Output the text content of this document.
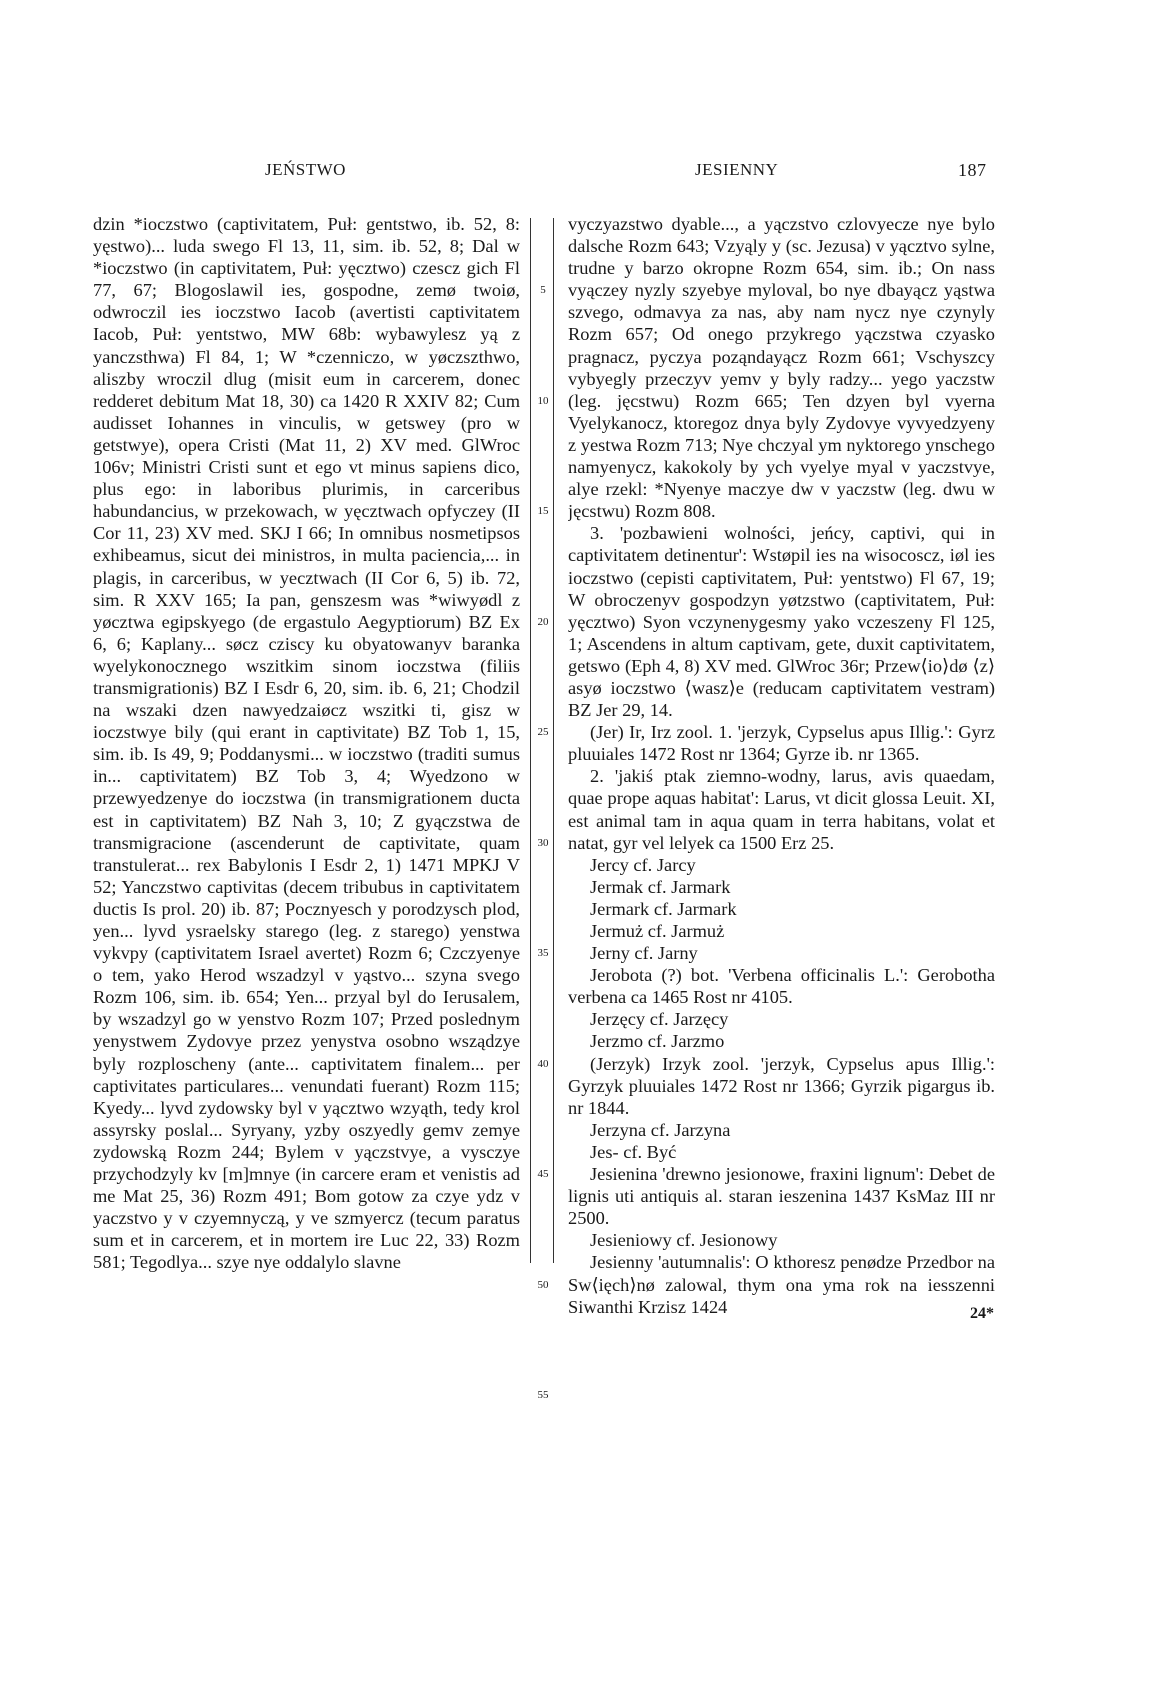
JEŃSTWO	JESIENNY	187

dzin *ioczstwo (captivitatem, Puł: gentstwo, ib. 52, 8: yęstwo)... luda swego Fl 13, 11, sim. ib. 52, 8; Dal w *ioczstwo (in captivitatem, Puł: yęcztwo) czescz gich Fl 77, 67; Blogoslawil ies, gospodne, zemø twoiø, odwroczil ies ioczstwo Iacob (avertisti captivitatem Iacob, Puł: yentstwo, MW 68b: wybawylesz yą z yanczsthwa) Fl 84, 1; W *czenniczo, w yøczszthwo, aliszby wroczil dlug (misit eum in carcerem, donec redderet debitum Mat 18, 30) ca 1420 R XXIV 82; Cum audisset Iohannes in vinculis, w getswey (pro w getstwye), opera Cristi (Mat 11, 2) XV med. GlWroc 106v; Ministri Cristi sunt et ego vt minus sapiens dico, plus ego: in laboribus plurimis, in carceribus habundancius, w przekowach, w yęcztwach opfyczey (II Cor 11, 23) XV med. SKJ I 66; In omnibus nosmetipsos exhibeamus, sicut dei ministros, in multa paciencia,... in plagis, in carceribus, w yecztwach (II Cor 6, 5) ib. 72, sim. R XXV 165; Ia pan, genszesm was *wiwyødl z yøcztwa egipskyego (de ergastulo Aegyptiorum) BZ Ex 6, 6; Kaplany... søcz cziscy ku obyatowanyv baranka wyelykonocznego wszitkim sinom ioczstwa (filiis transmigrationis) BZ I Esdr 6, 20, sim. ib. 6, 21; Chodzil na wszaki dzen nawyedzaiøcz wszitki ti, gisz w ioczstwye bily (qui erant in captivitate) BZ Tob 1, 15, sim. ib. Is 49, 9; Poddanysmi... w ioczstwo (traditi sumus in... captivitatem) BZ Tob 3, 4; Wyedzono w przewyedzenye do ioczstwa (in transmigrationem ducta est in captivitatem) BZ Nah 3, 10; Z gyączstwa de transmigracione (ascenderunt de captivitate, quam transtulerat... rex Babylonis I Esdr 2, 1) 1471 MPKJ V 52; Yanczstwo captivitas (decem tribubus in captivitatem ductis Is prol. 20) ib. 87; Pocznyesch y porodzysch plod, yen... lyvd ysraelsky starego (leg. z starego) yenstwa vykvpy (captivitatem Israel avertet) Rozm 6; Czczyenye o tem, yako Herod wszadzyl v yąstvo... szyna svego Rozm 106, sim. ib. 654; Yen... przyal byl do Ierusalem, by wszadzyl go w yenstvo Rozm 107; Przed poslednym yenystwem Zydovye przez yenystva osobno wsządzye byly rozploscheny (ante... captivitatem finalem... per captivitates particulares... venundati fuerant) Rozm 115; Kyedy... lyvd zydowsky byl v yącztwo wzyąth, tedy krol assyrsky poslal... Syryany, yzby oszyedly gemv zemye zydowską Rozm 244; Bylem v yączstvye, a vysczye przychodzyly kv [m]mnye (in carcere eram et venistis ad me Mat 25, 36) Rozm 491; Bom gotow za czye ydz v yaczstvo y v czyemnyczą, y ve szmyercz (tecum paratus sum et in carcerem, et in mortem ire Luc 22, 33) Rozm 581; Tegodlya... szye nye oddalylo slavne

5
10
15
20
25
30
35
40
45
50
55

vyczyazstwo dyable..., a yączstvo czlovyecze nye bylo dalsche Rozm 643; Vzyąly y (sc. Jezusa) v yącztvo sylne, trudne y barzo okropne Rozm 654, sim. ib.; On nass vyączey nyzly szyebye myloval, bo nye dbayącz yąstwa szvego, odmavya za nas, aby nam nycz nye czynyly Rozm 657; Od onego przykrego yączstwa czyasko pragnacz, pyczya poząndayącz Rozm 661; Vschyszcy vybyegly przeczyv yemv y byly radzy... yego yaczstw (leg. jęcstwu) Rozm 665; Ten dzyen byl vyerna Vyelykanocz, ktoregoz dnya byly Zydovye vyvyedzyeny z yestwa Rozm 713; Nye chczyal ym nyktorego ynschego namyenycz, kakokoly by ych vyelye myal v yaczstvye, alye rzekl: *Nyenye maczye dw v yaczstw (leg. dwu w jęcstwu) Rozm 808.

3. 'pozbawieni wolności, jeńcy, captivi, qui in captivitatem detinentur': Wstøpil ies na wisocoscz, iøl ies ioczstwo (cepisti captivitatem, Puł: yentstwo) Fl 67, 19; W obroczenyv gospodzyn yøtzstwo (captivitatem, Puł: yęcztwo) Syon vczynenygesmy yako vczeszeny Fl 125, 1; Ascendens in altum captivam, gete, duxit captivitatem, getswo (Eph 4, 8) XV med. GlWroc 36r; Przew⟨io⟩dø ⟨z⟩asyø ioczstwo ⟨wasz⟩e (reducam captivitatem vestram) BZ Jer 29, 14.

(Jer) Ir, Irz zool. 1. 'jerzyk, Cypselus apus Illig.': Gyrz pluuiales 1472 Rost nr 1364; Gyrze ib. nr 1365.

2. 'jakiś ptak ziemno-wodny, larus, avis quaedam, quae prope aquas habitat': Larus, vt dicit glossa Leuit. XI, est animal tam in aqua quam in terra habitans, volat et natat, gyr vel lelyek ca 1500 Erz 25.

Jercy cf. Jarcy

Jermak cf. Jarmark

Jermark cf. Jarmark

Jermuż cf. Jarmuż

Jerny cf. Jarny

Jerobota (?) bot. 'Verbena officinalis L.': Gerobotha verbena ca 1465 Rost nr 4105.

Jerzęcy cf. Jarzęcy

Jerzmo cf. Jarzmo

(Jerzyk) Irzyk zool. 'jerzyk, Cypselus apus Illig.': Gyrzyk pluuiales 1472 Rost nr 1366; Gyrzik pigargus ib. nr 1844.

Jerzyna cf. Jarzyna

Jes- cf. Być

Jesienina 'drewno jesionowe, fraxini lignum': Debet de lignis uti antiquis al. staran ieszenina 1437 KsMaz III nr 2500.

Jesieniowy cf. Jesionowy

Jesienny 'autumnalis': O kthoresz penødze Przedbor na Sw⟨ięch⟩nø zalowal, thym ona yma rok na iesszenni Siwanthi Krzisz 1424	24*
